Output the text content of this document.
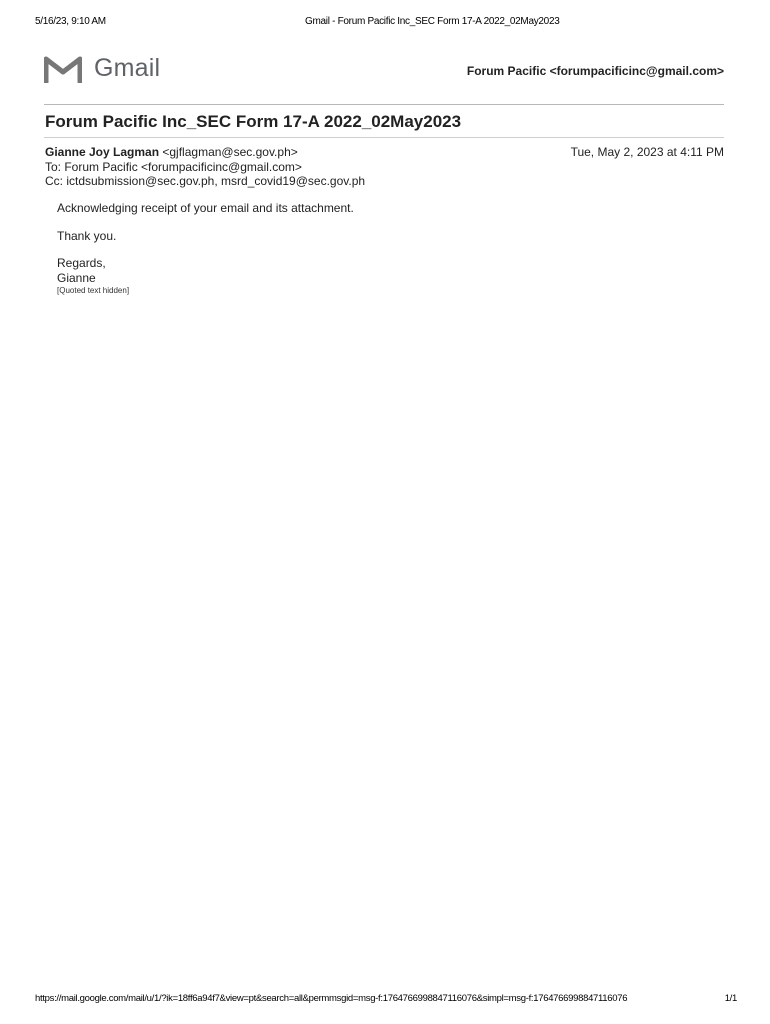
5/16/23, 9:10 AM	Gmail - Forum Pacific Inc_SEC Form 17-A 2022_02May2023
Gmail	Forum Pacific <forumpacificinc@gmail.com>
Forum Pacific Inc_SEC Form 17-A 2022_02May2023
Gianne Joy Lagman <gjflagman@sec.gov.ph>
To: Forum Pacific <forumpacificinc@gmail.com>
Cc: ictdsubmission@sec.gov.ph, msrd_covid19@sec.gov.ph
Tue, May 2, 2023 at 4:11 PM

Acknowledging receipt of your email and its attachment.

Thank you.

Regards,

Gianne

[Quoted text hidden]

https://mail.google.com/mail/u/1/?ik=18ff6a94f7&view=pt&search=all&permmsgid=msg-f:1764766998847116076&simpl=msg-f:1764766998847116076	1/1
